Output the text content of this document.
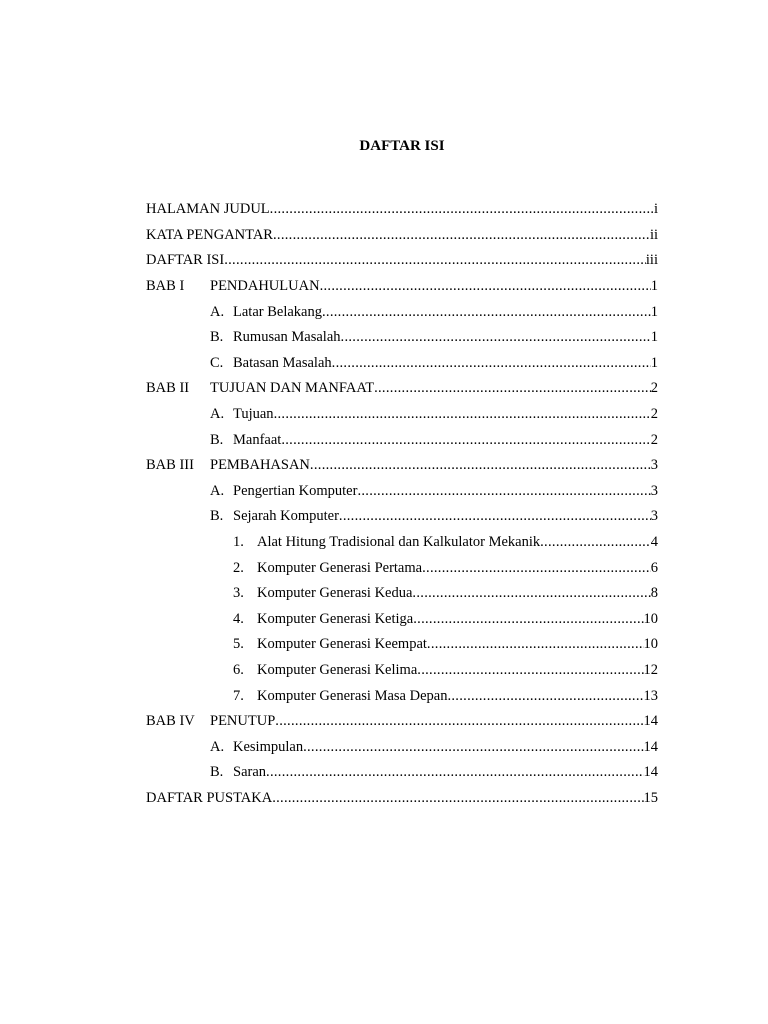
DAFTAR ISI
HALAMAN JUDUL .....	i
KATA PENGANTAR .....	ii
DAFTAR ISI .....	iii
BAB I	PENDAHULUAN .....	1
A. Latar Belakang .....	1
B. Rumusan Masalah .....	1
C. Batasan Masalah .....	1
BAB II	TUJUAN DAN MANFAAT .....	2
A. Tujuan .....	2
B. Manfaat .....	2
BAB III	PEMBAHASAN .....	3
A. Pengertian Komputer .....	3
B. Sejarah Komputer .....	3
1. Alat Hitung Tradisional dan Kalkulator Mekanik .....	4
2. Komputer Generasi Pertama .....	6
3. Komputer Generasi Kedua .....	8
4. Komputer Generasi Ketiga .....	10
5. Komputer Generasi Keempat .....	10
6. Komputer Generasi Kelima .....	12
7. Komputer Generasi Masa Depan .....	13
BAB IV	PENUTUP .....	14
A. Kesimpulan .....	14
B. Saran .....	14
DAFTAR PUSTAKA .....	15
